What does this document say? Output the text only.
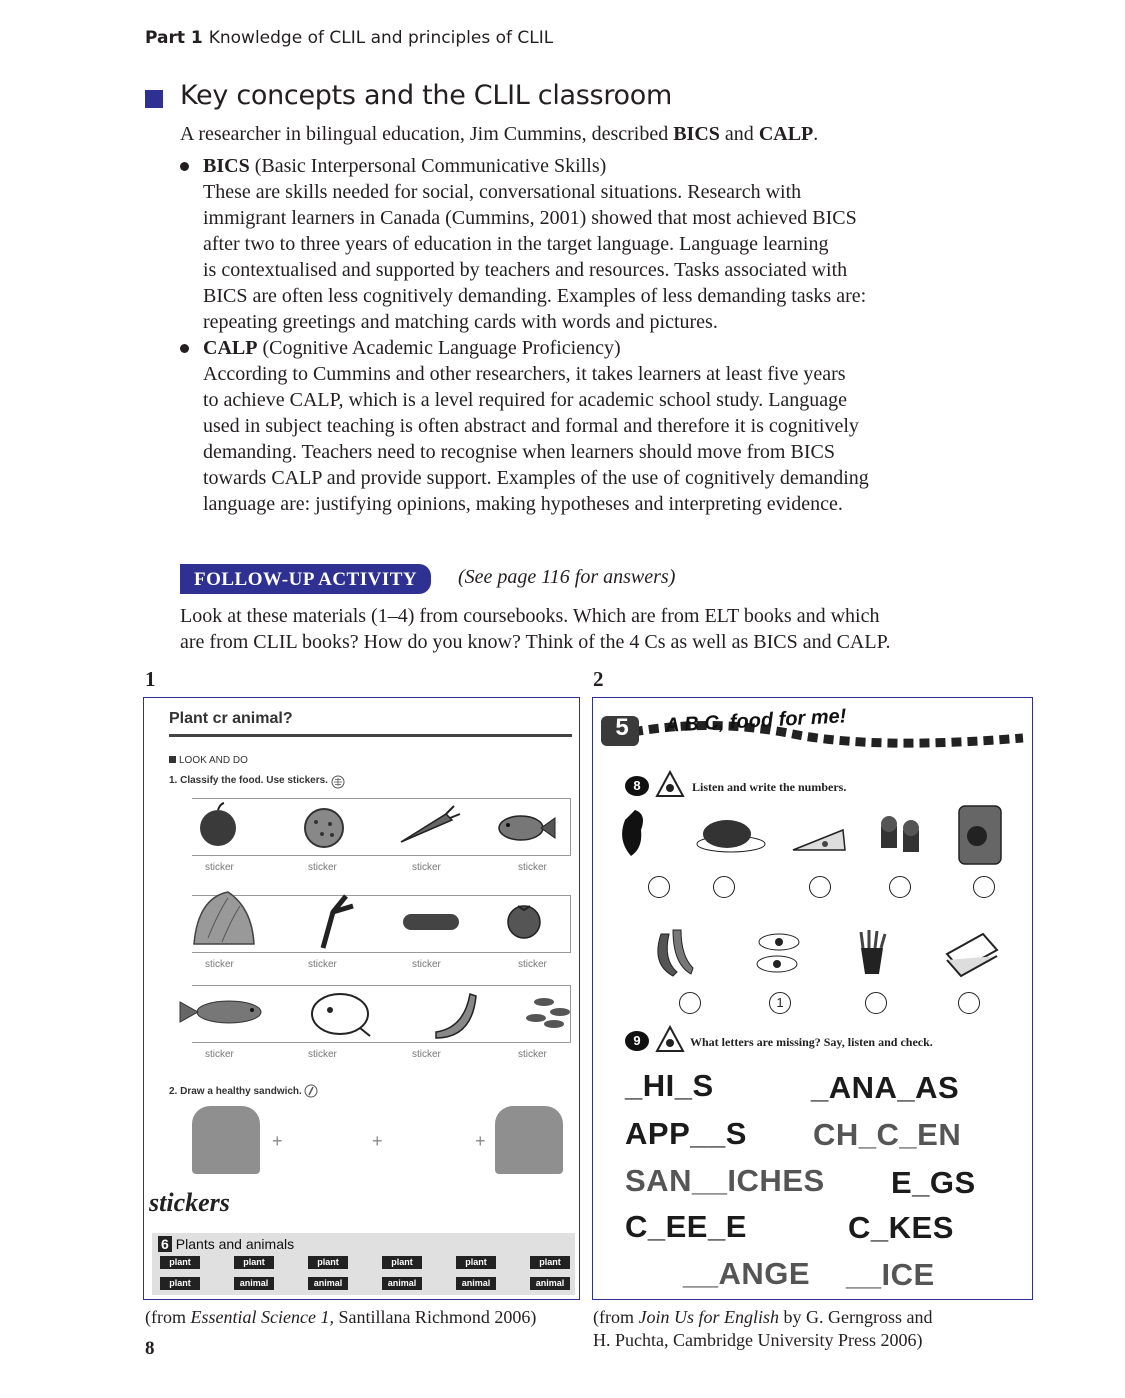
Part 1 Knowledge of CLIL and principles of CLIL
Key concepts and the CLIL classroom
A researcher in bilingual education, Jim Cummins, described BICS and CALP.
BICS (Basic Interpersonal Communicative Skills)
These are skills needed for social, conversational situations. Research with
immigrant learners in Canada (Cummins, 2001) showed that most achieved BICS
after two to three years of education in the target language. Language learning
is contextualised and supported by teachers and resources. Tasks associated with
BICS are often less cognitively demanding. Examples of less demanding tasks are:
repeating greetings and matching cards with words and pictures.
CALP (Cognitive Academic Language Proficiency)
According to Cummins and other researchers, it takes learners at least five years
to achieve CALP, which is a level required for academic school study. Language
used in subject teaching is often abstract and formal and therefore it is cognitively
demanding. Teachers need to recognise when learners should move from BICS
towards CALP and provide support. Examples of the use of cognitively demanding
language are: justifying opinions, making hypotheses and interpreting evidence.
FOLLOW-UP ACTIVITY	(See page 116 for answers)
Look at these materials (1–4) from coursebooks. Which are from ELT books and which
are from CLIL books? How do you know? Think of the 4 Cs as well as BICS and CALP.
1	2
Plant cr animal?
LOOK AND DO
1. Classify the food. Use stickers.
sticker	sticker	sticker	sticker
sticker	sticker	sticker	sticker
sticker	sticker	sticker	sticker
2. Draw a healthy sandwich.
+	+	+
stickers
6 Plants and animals
plant	plant	plant	plant	plant	plant
plant	animal	animal	animal	animal	animal
5	A B C, food for me!
8	Listen and write the numbers.
1
9	What letters are missing? Say, listen and check.
_HI_S	_ANA_AS
APP__S CH_C_EN
SAN__ICHES E_GS
C_EE_E	C_KES
__ANGE __ICE
(from Essential Science 1, Santillana Richmond 2006)	(from Join Us for English by G. Gerngross and
H. Puchta, Cambridge University Press 2006)
8
